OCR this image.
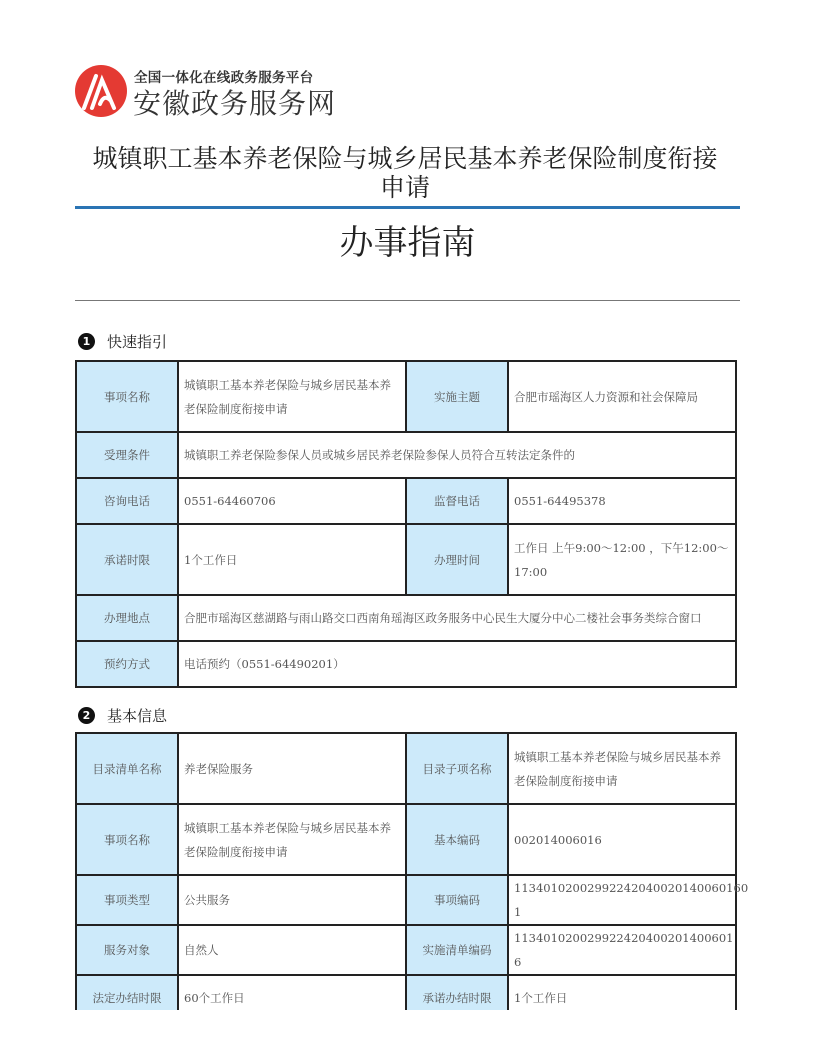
全国一体化在线政务服务平台
安徽政务服务网
城镇职工基本养老保险与城乡居民基本养老保险制度衔接
申请
办事指南
1	快速指引
事项名称	城镇职工基本养老保险与城乡居民基本养老保险制度衔接申请	实施主题	合肥市瑶海区人力资源和社会保障局
受理条件	城镇职工养老保险参保人员或城乡居民养老保险参保人员符合互转法定条件的		
咨询电话	0551-64460706	监督电话	0551-64495378
承诺时限	1个工作日	办理时间	工作日 上午9:00～12:00 ，下午12:00～17:00
办理地点	合肥市瑶海区慈湖路与雨山路交口西南角瑶海区政务服务中心民生大厦分中心二楼社会事务类综合窗口		
预约方式	电话预约（0551-64490201）		
2	基本信息
目录清单名称	养老保险服务	目录子项名称	城镇职工基本养老保险与城乡居民基本养老保险制度衔接申请
事项名称	城镇职工基本养老保险与城乡居民基本养老保险制度衔接申请	基本编码	002014006016
事项类型	公共服务	事项编码	11340102002992242040020140060160​1
服务对象	自然人	实施清单编码	113401020029922420400201400601​6
法定办结时限	60个工作日	承诺办结时限	1个工作日
